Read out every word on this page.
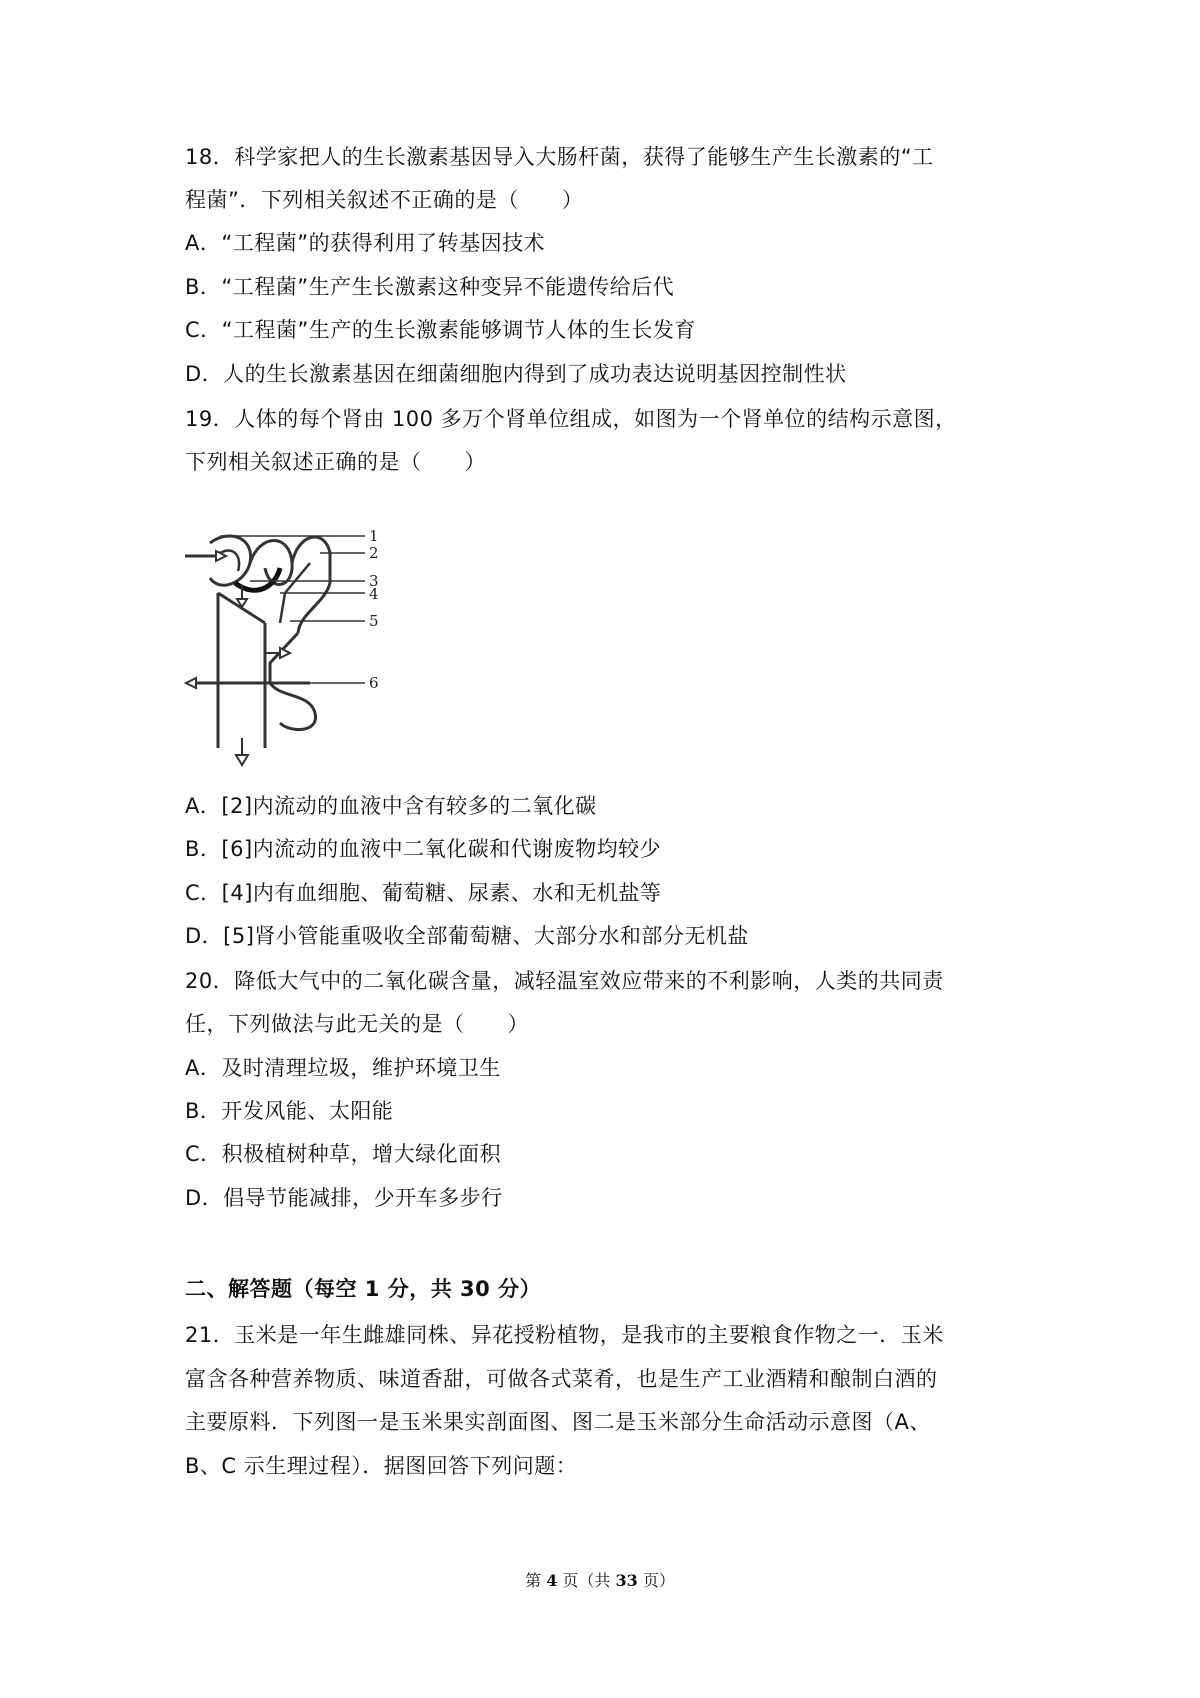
18．科学家把人的生长激素基因导入大肠杆菌，获得了能够生产生长激素的“工
程菌”．下列相关叙述不正确的是（　　）
A．“工程菌”的获得利用了转基因技术
B．“工程菌”生产生长激素这种变异不能遗传给后代
C．“工程菌”生产的生长激素能够调节人体的生长发育
D．人的生长激素基因在细菌细胞内得到了成功表达说明基因控制性状
19．人体的每个肾由 100 多万个肾单位组成，如图为一个肾单位的结构示意图，
下列相关叙述正确的是（　　）
1
2
3
4
5
6
A．[2]内流动的血液中含有较多的二氧化碳
B．[6]内流动的血液中二氧化碳和代谢废物均较少
C．[4]内有血细胞、葡萄糖、尿素、水和无机盐等
D．[5]肾小管能重吸收全部葡萄糖、大部分水和部分无机盐
20．降低大气中的二氧化碳含量，减轻温室效应带来的不利影响，人类的共同责
任，下列做法与此无关的是（　　）
A．及时清理垃圾，维护环境卫生
B．开发风能、太阳能
C．积极植树种草，增大绿化面积
D．倡导节能减排，少开车多步行
二、解答题（每空 1 分，共 30 分）
21．玉米是一年生雌雄同株、异花授粉植物，是我市的主要粮食作物之一．玉米
富含各种营养物质、味道香甜，可做各式菜肴，也是生产工业酒精和酿制白酒的
主要原料．下列图一是玉米果实剖面图、图二是玉米部分生命活动示意图（A、
B、C 示生理过程）．据图回答下列问题：
第 4 页（共 33 页）
